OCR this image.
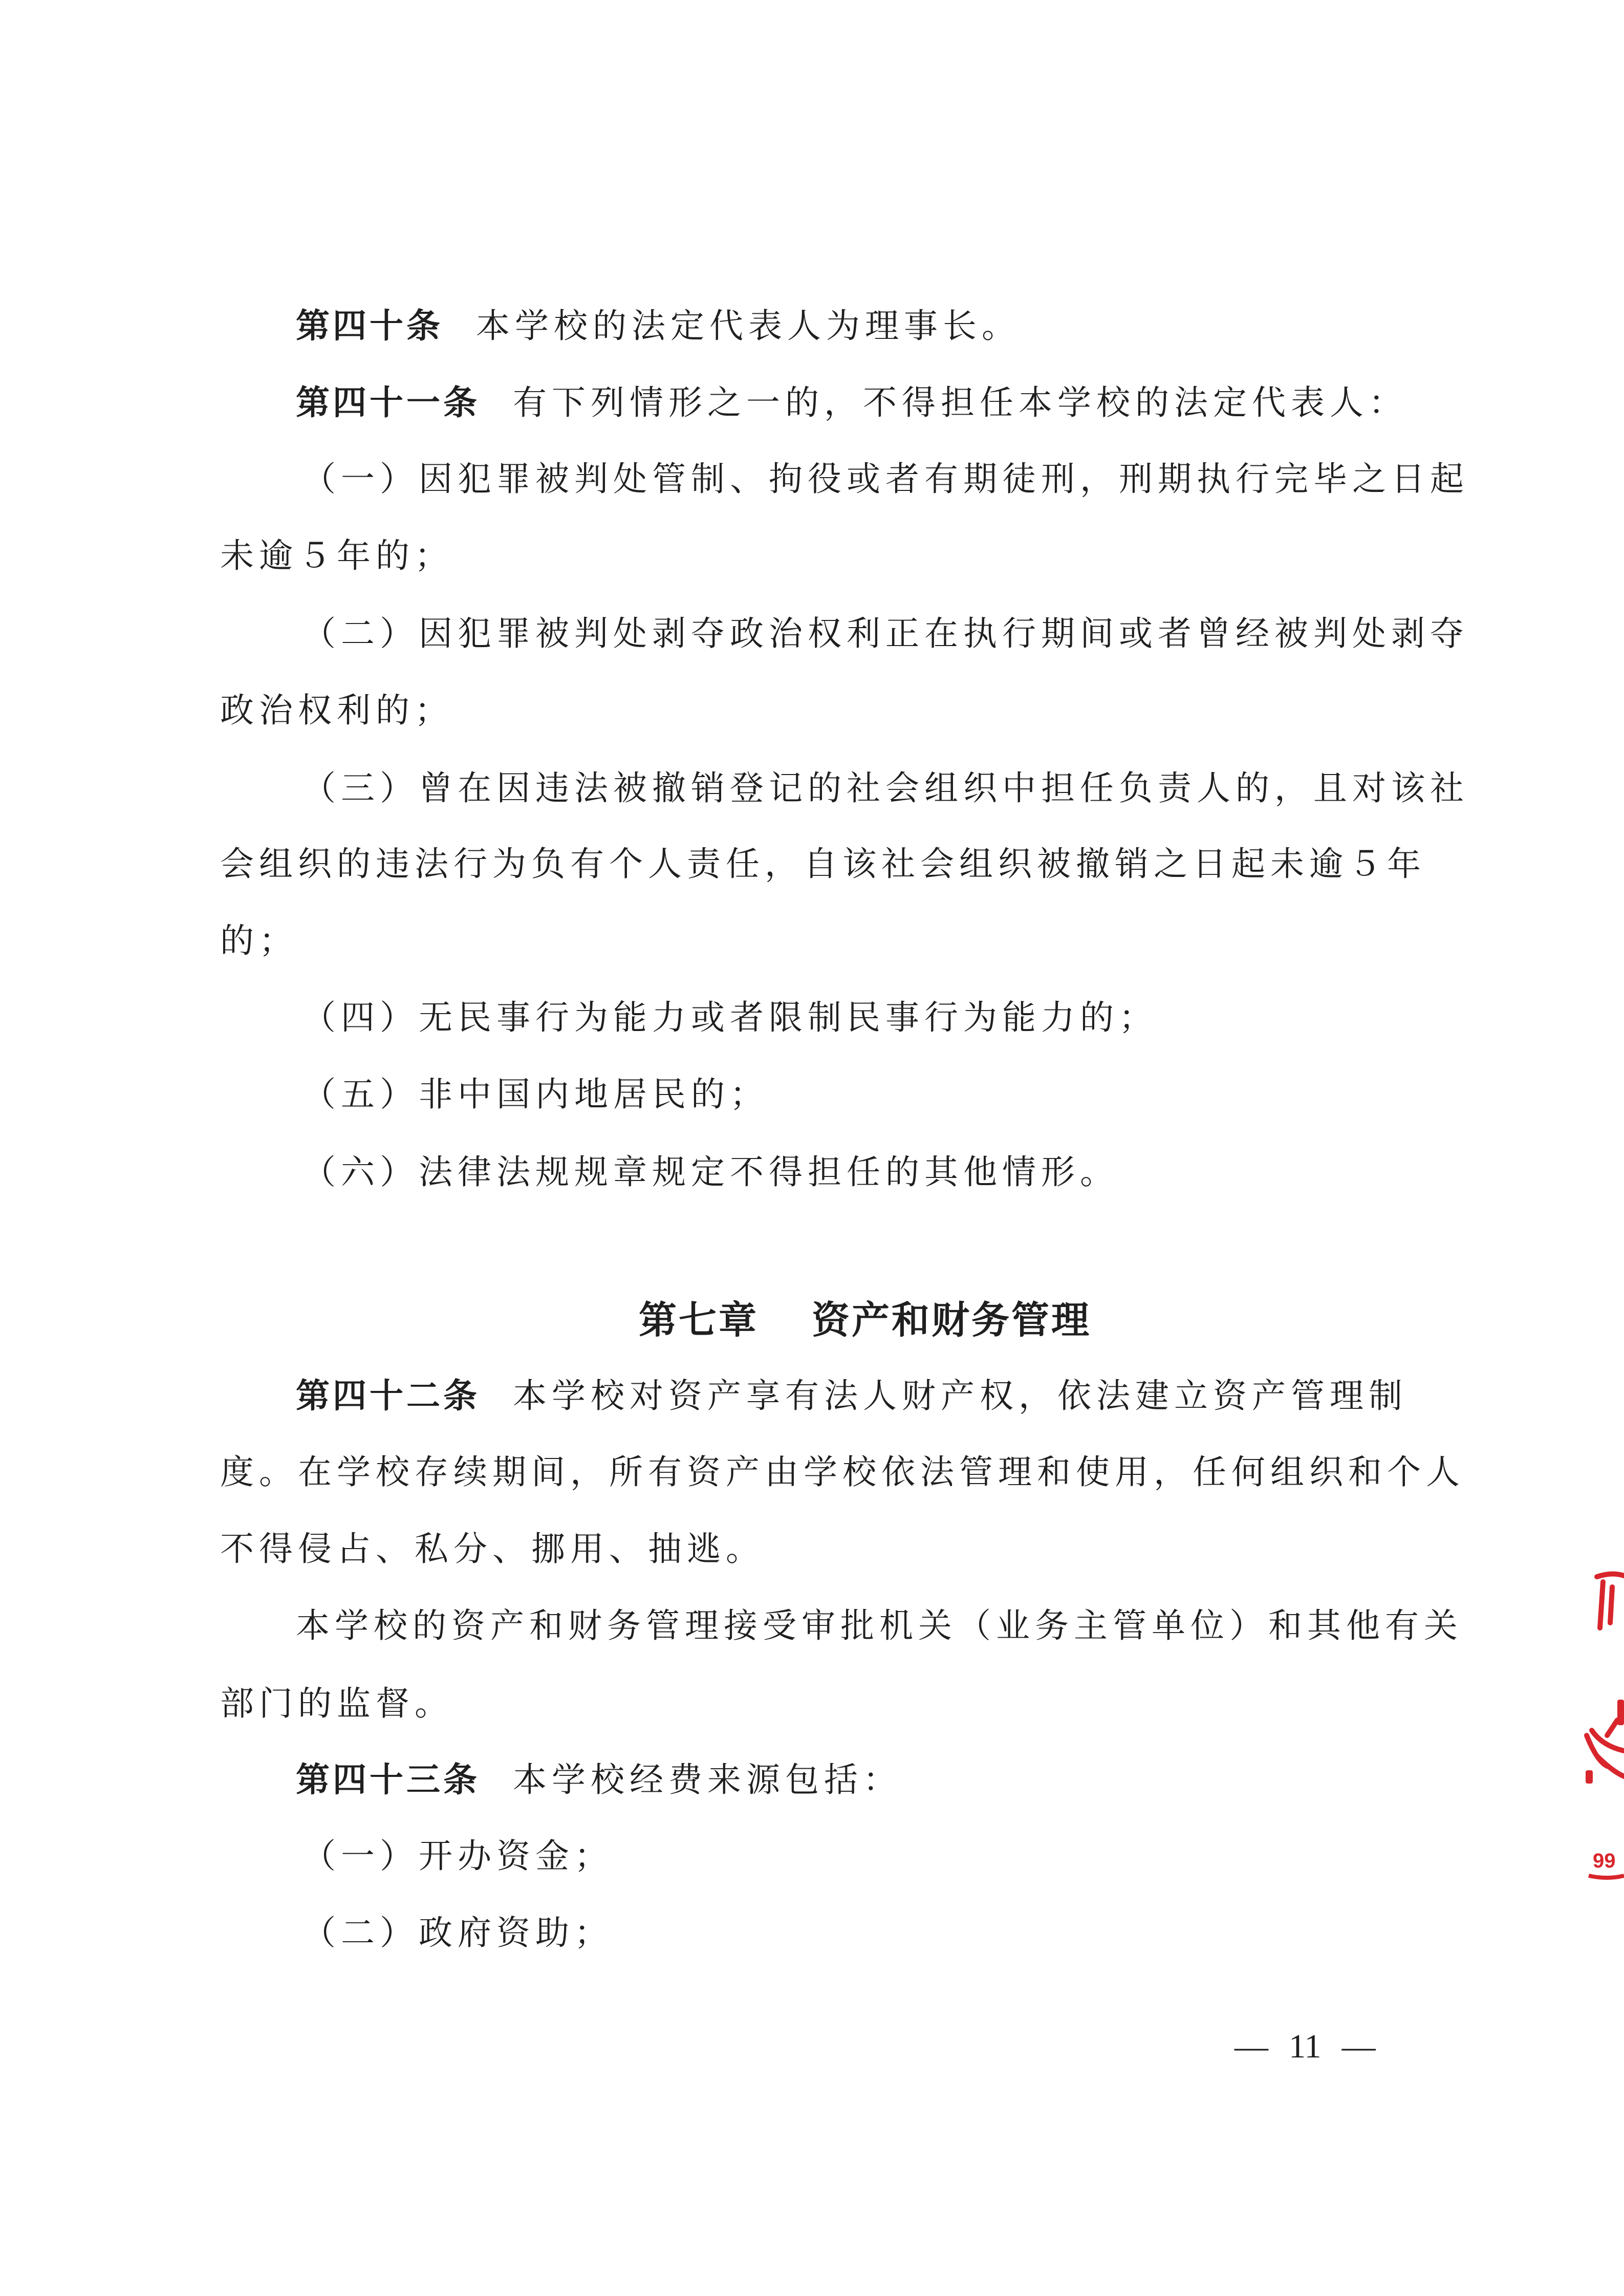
第四十条 本学校的法定代表人为理事长。
第四十一条 有下列情形之一的，不得担任本学校的法定代表人：
（一）因犯罪被判处管制、拘役或者有期徒刑，刑期执行完毕之日起
未逾５年的；
（二）因犯罪被判处剥夺政治权利正在执行期间或者曾经被判处剥夺
政治权利的；
（三）曾在因违法被撤销登记的社会组织中担任负责人的，且对该社
会组织的违法行为负有个人责任，自该社会组织被撤销之日起未逾５年
的；
（四）无民事行为能力或者限制民事行为能力的；
（五）非中国内地居民的；
（六）法律法规规章规定不得担任的其他情形。
第七章 资产和财务管理
第四十二条 本学校对资产享有法人财产权，依法建立资产管理制
度。在学校存续期间，所有资产由学校依法管理和使用，任何组织和个人
不得侵占、私分、挪用、抽逃。
本学校的资产和财务管理接受审批机关（业务主管单位）和其他有关
部门的监督。
第四十三条 本学校经费来源包括：
（一）开办资金；
（二）政府资助；
— 11 —
99
